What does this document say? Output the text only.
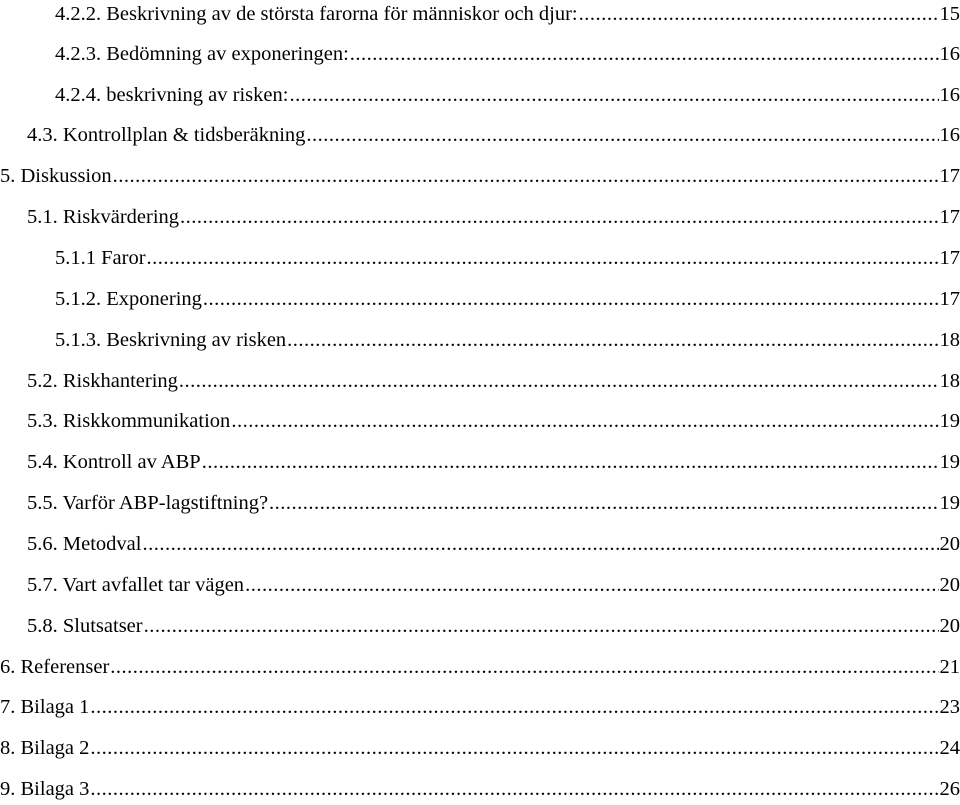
4.2.2. Beskrivning av de största farorna för människor och djur: .....	15
4.2.3. Bedömning av exponeringen: .....	16
4.2.4. beskrivning av risken: .....	16
4.3. Kontrollplan & tidsberäkning .....	16
5. Diskussion .....	17
5.1. Riskvärdering .....	17
5.1.1 Faror .....	17
5.1.2. Exponering .....	17
5.1.3. Beskrivning av risken .....	18
5.2. Riskhantering .....	18
5.3. Riskkommunikation .....	19
5.4. Kontroll av ABP .....	19
5.5. Varför ABP-lagstiftning? .....	19
5.6. Metodval .....	20
5.7. Vart avfallet tar vägen .....	20
5.8. Slutsatser .....	20
6. Referenser .....	21
7. Bilaga 1 .....	23
8. Bilaga 2 .....	24
9. Bilaga 3 .....	26
